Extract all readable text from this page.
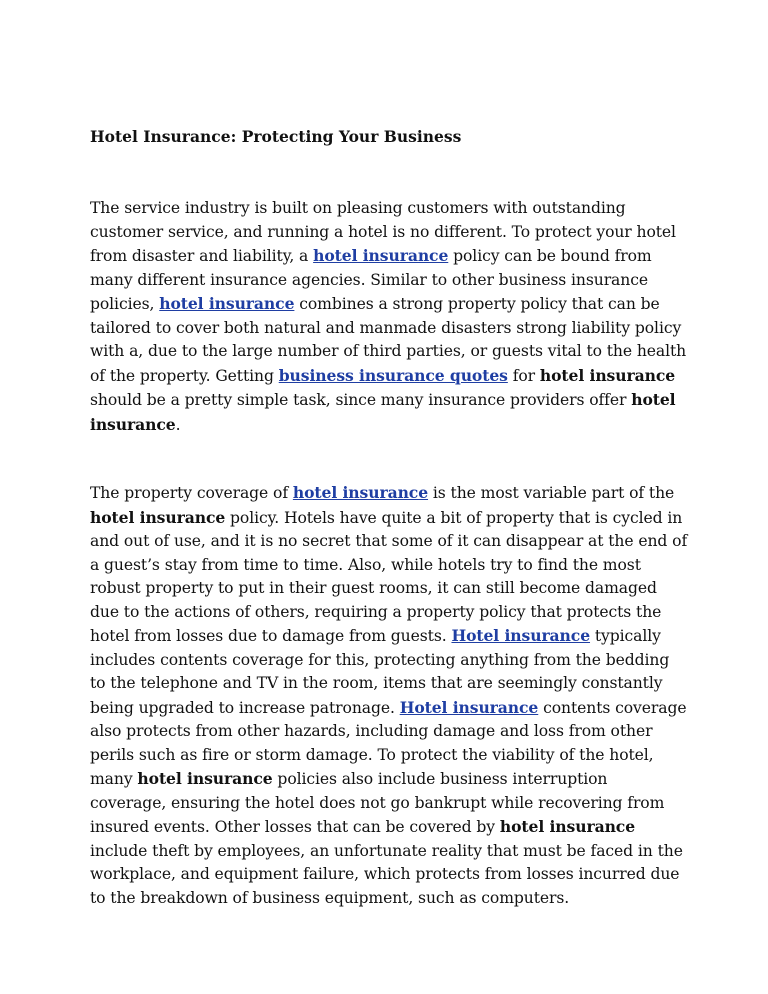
Hotel Insurance: Protecting Your Business

The service industry is built on pleasing customers with outstanding customer service, and running a hotel is no different. To protect your hotel from disaster and liability, a hotel insurance policy can be bound from many different insurance agencies. Similar to other business insurance policies, hotel insurance combines a strong property policy that can be tailored to cover both natural and manmade disasters strong liability policy with a, due to the large number of third parties, or guests vital to the health of the property. Getting business insurance quotes for hotel insurance should be a pretty simple task, since many insurance providers offer hotel insurance.

The property coverage of hotel insurance is the most variable part of the hotel insurance policy. Hotels have quite a bit of property that is cycled in and out of use, and it is no secret that some of it can disappear at the end of a guest’s stay from time to time. Also, while hotels try to find the most robust property to put in their guest rooms, it can still become damaged due to the actions of others, requiring a property policy that protects the hotel from losses due to damage from guests. Hotel insurance typically includes contents coverage for this, protecting anything from the bedding to the telephone and TV in the room, items that are seemingly constantly being upgraded to increase patronage. Hotel insurance contents coverage also protects from other hazards, including damage and loss from other perils such as fire or storm damage. To protect the viability of the hotel, many hotel insurance policies also include business interruption coverage, ensuring the hotel does not go bankrupt while recovering from insured events. Other losses that can be covered by hotel insurance include theft by employees, an unfortunate reality that must be faced in the workplace, and equipment failure, which protects from losses incurred due to the breakdown of business equipment, such as computers.
